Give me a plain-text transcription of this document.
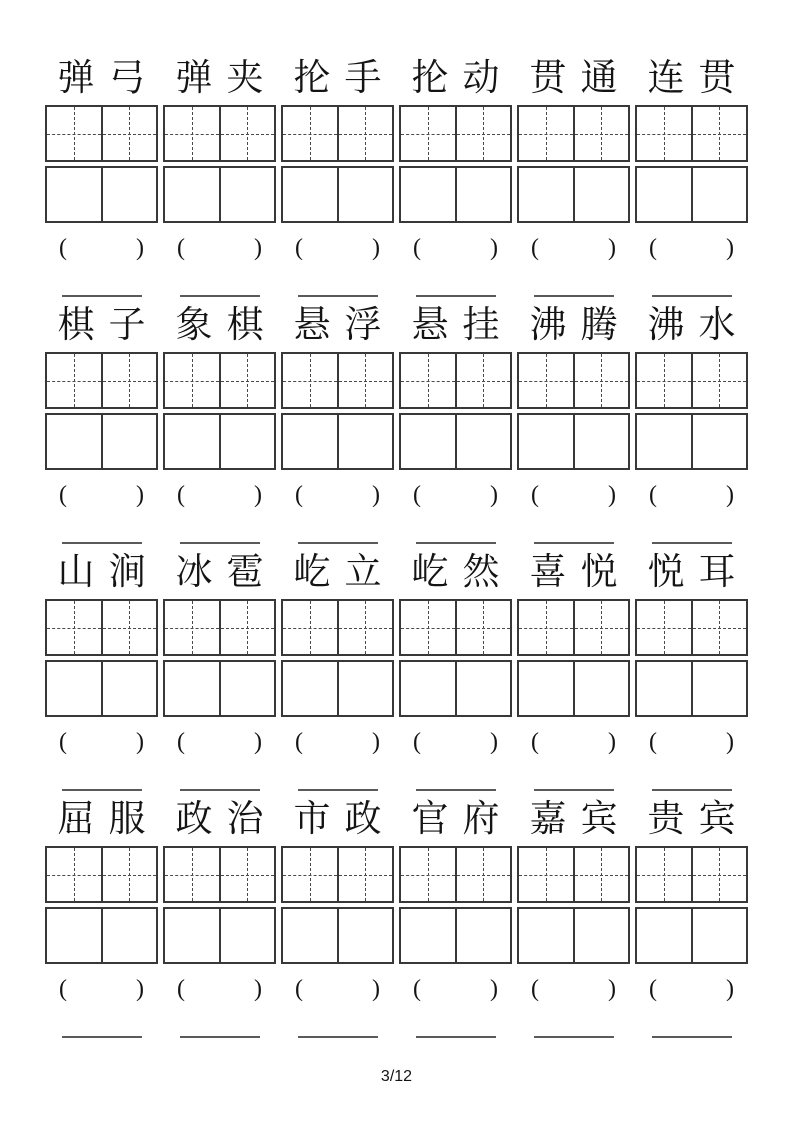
弹弓
(	)
弹夹
(	)
抡手
(	)
抡动
(	)
贯通
(	)
连贯
(	)
棋子
(	)
象棋
(	)
悬浮
(	)
悬挂
(	)
沸腾
(	)
沸水
(	)
山涧
(	)
冰雹
(	)
屹立
(	)
屹然
(	)
喜悦
(	)
悦耳
(	)
屈服
(	)
政治
(	)
市政
(	)
官府
(	)
嘉宾
(	)
贵宾
(	)
3/12
